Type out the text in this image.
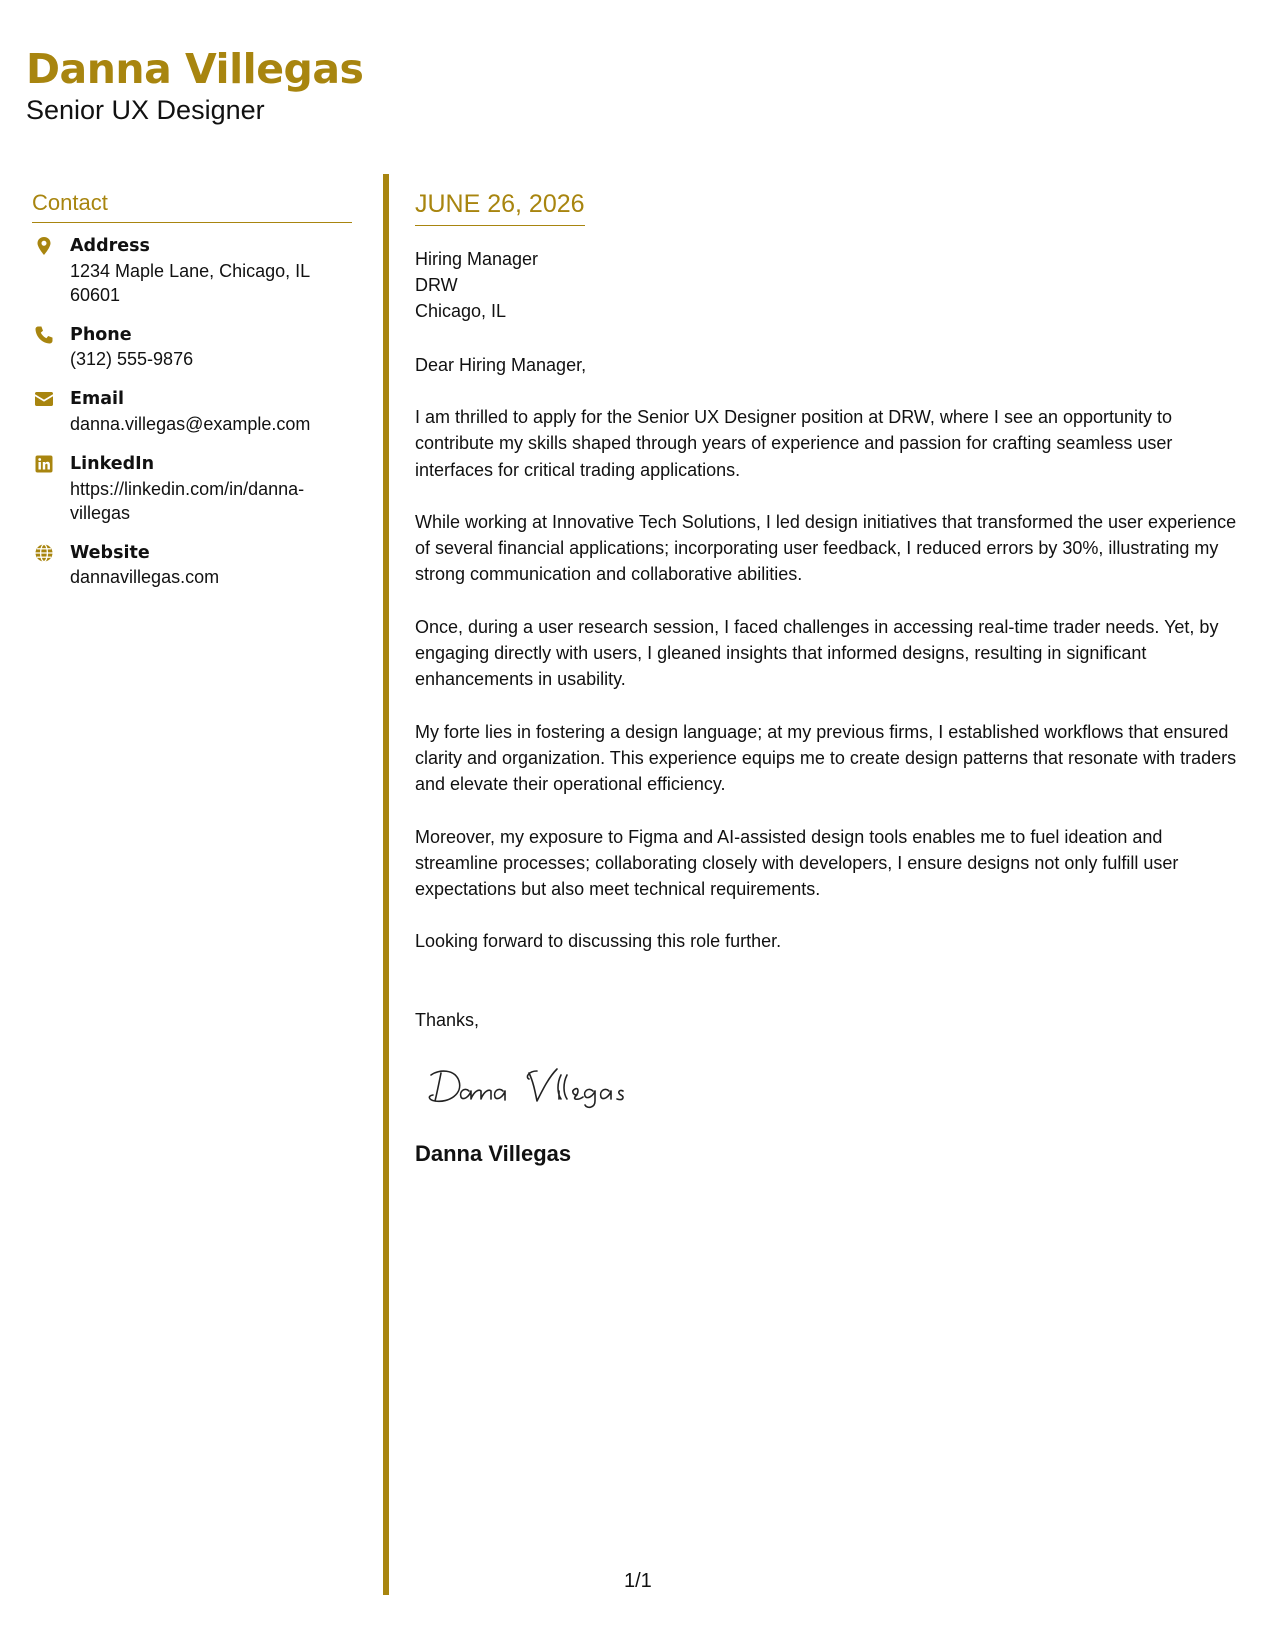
Danna Villegas
Senior UX Designer
Contact
Address
1234 Maple Lane, Chicago, IL 60601
Phone
(312) 555-9876
Email
danna.villegas@example.com
LinkedIn
https://linkedin.com/in/danna-villegas
Website
dannavillegas.com
JUNE 26, 2026
Hiring Manager
DRW
Chicago, IL
Dear Hiring Manager,

I am thrilled to apply for the Senior UX Designer position at DRW, where I see an opportunity to contribute my skills shaped through years of experience and passion for crafting seamless user interfaces for critical trading applications.

While working at Innovative Tech Solutions, I led design initiatives that transformed the user experience of several financial applications; incorporating user feedback, I reduced errors by 30%, illustrating my strong communication and collaborative abilities.

Once, during a user research session, I faced challenges in accessing real-time trader needs. Yet, by engaging directly with users, I gleaned insights that informed designs, resulting in significant enhancements in usability.

My forte lies in fostering a design language; at my previous firms, I established workflows that ensured clarity and organization. This experience equips me to create design patterns that resonate with traders and elevate their operational efficiency.

Moreover, my exposure to Figma and AI-assisted design tools enables me to fuel ideation and streamline processes; collaborating closely with developers, I ensure designs not only fulfill user expectations but also meet technical requirements.

Looking forward to discussing this role further.

Thanks,
Danna Villegas
1/1
